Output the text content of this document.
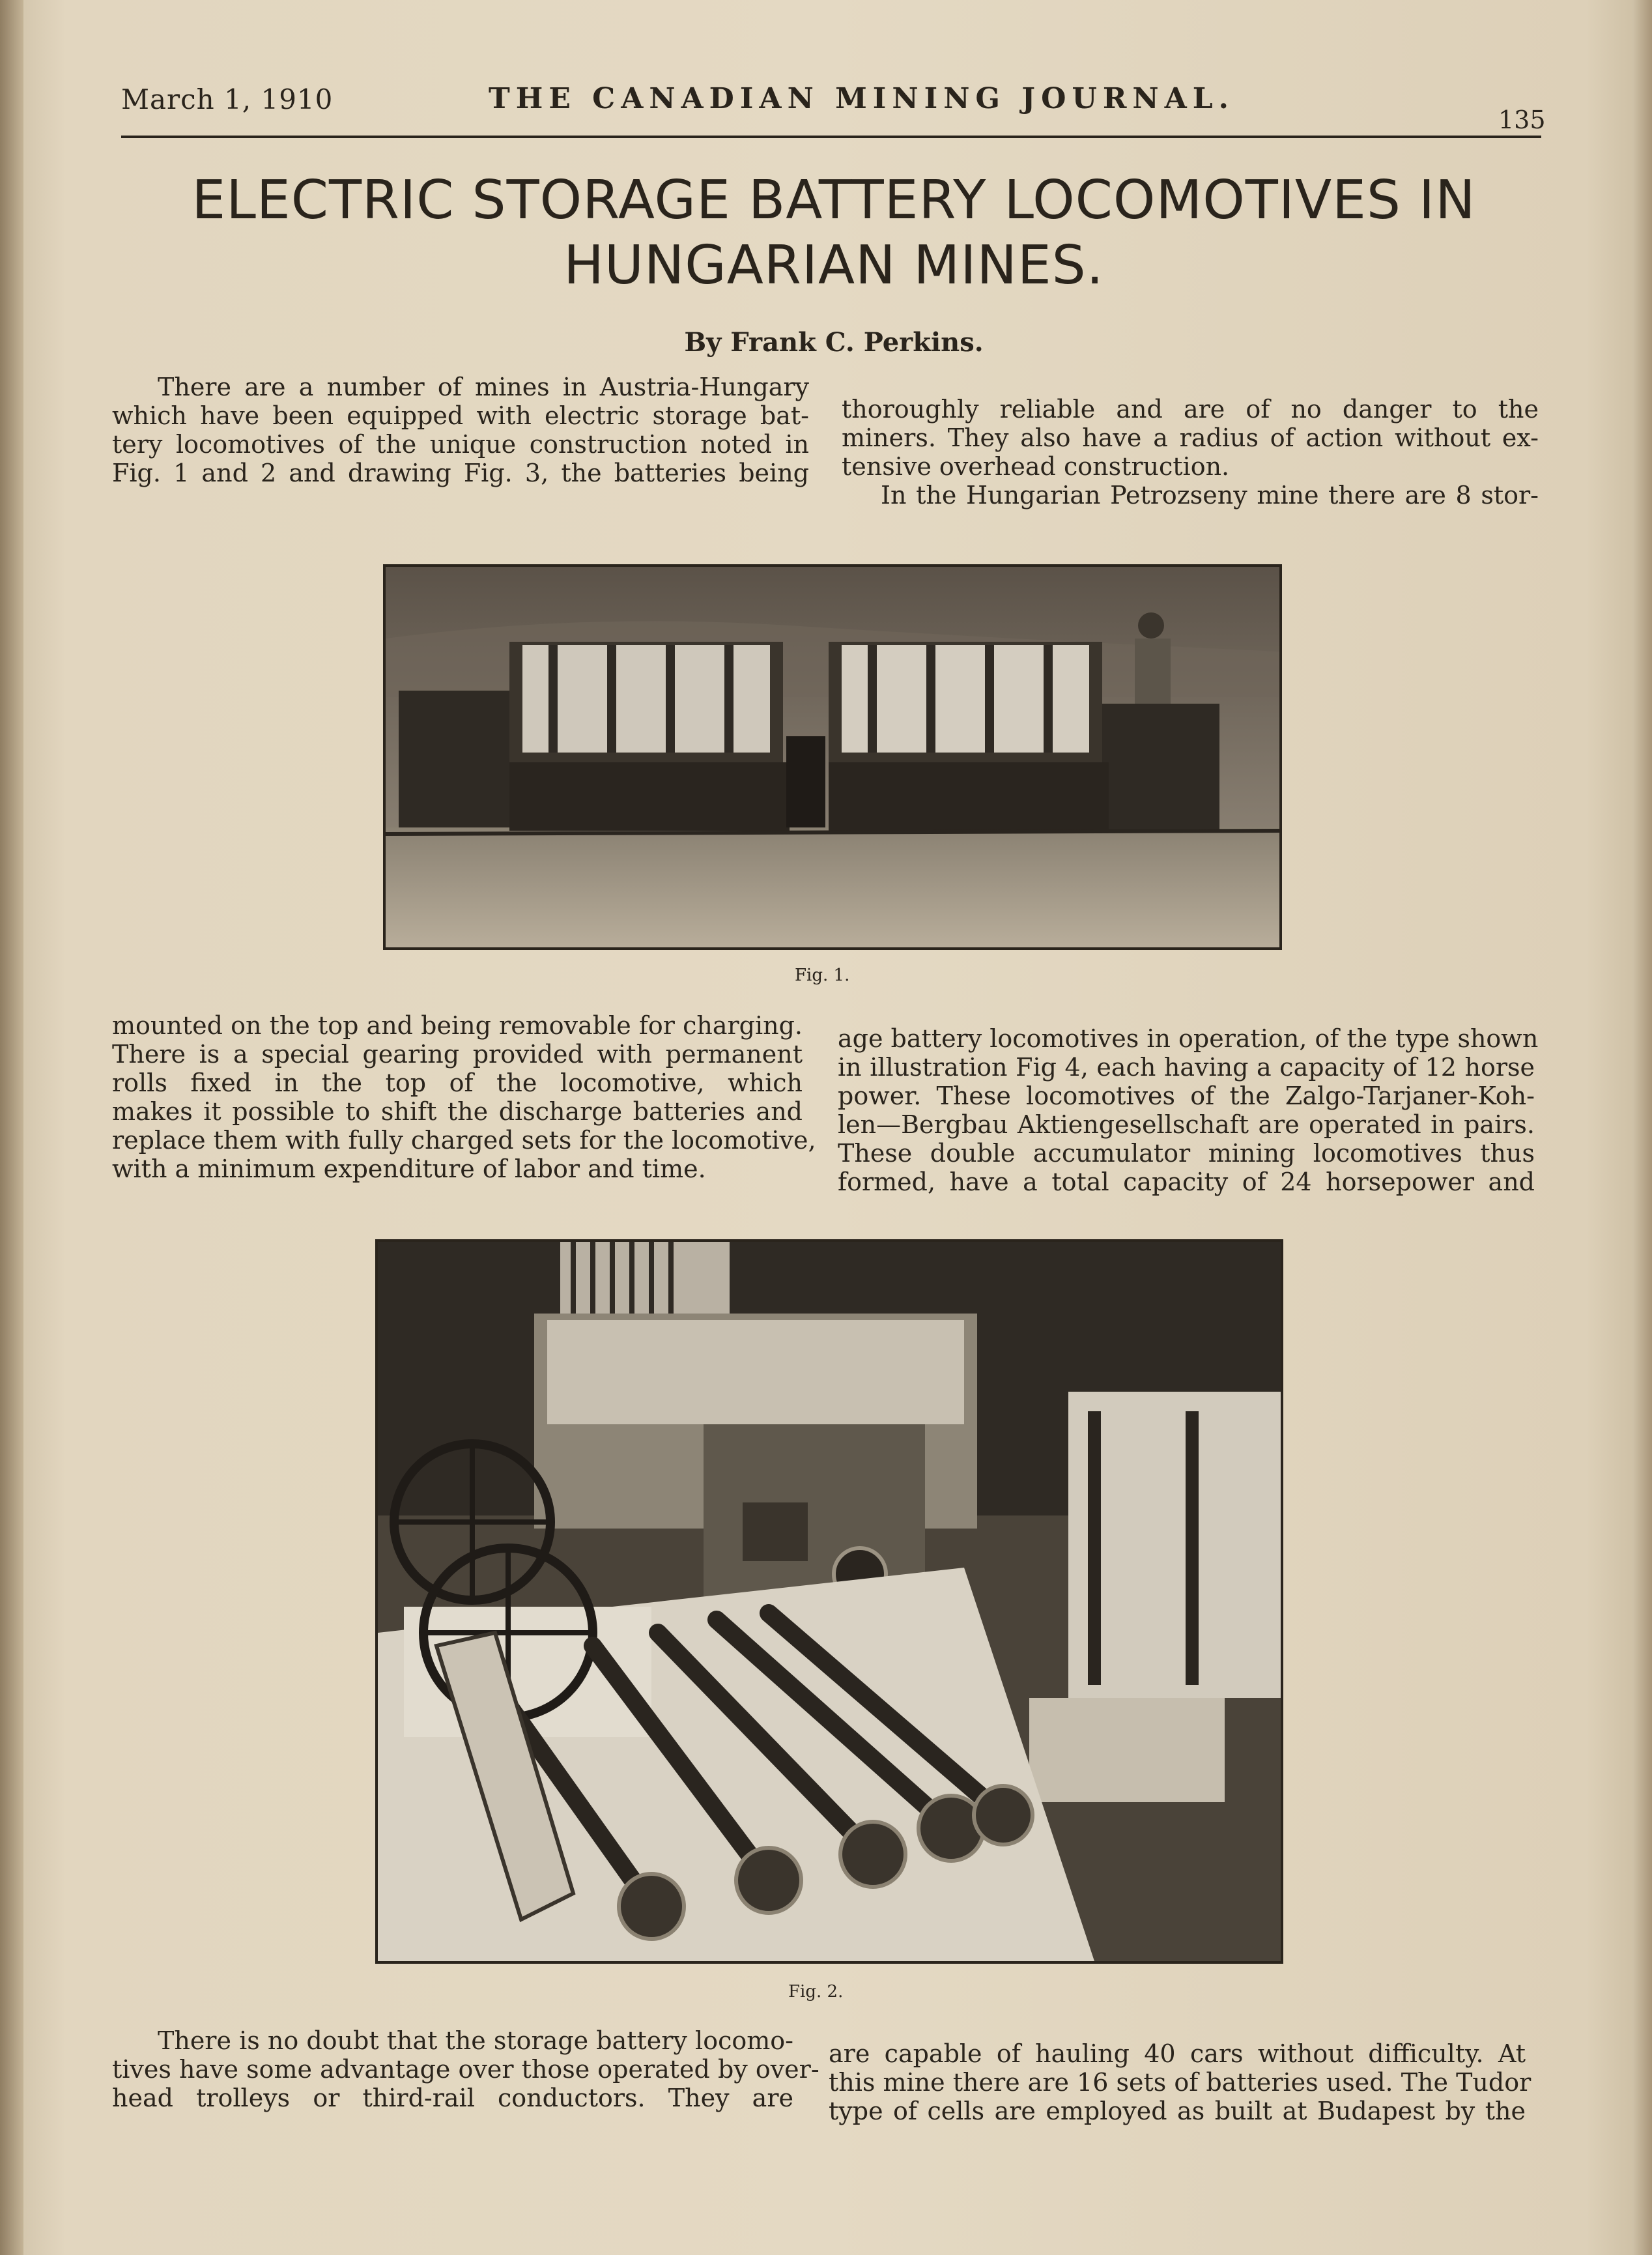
March 1, 1910	THE CANADIAN MINING JOURNAL.
135
ELECTRIC STORAGE BATTERY LOCOMOTIVES IN
HUNGARIAN MINES.
By Frank C. Perkins.
There are a number of mines in Austria-Hungary
which have been equipped with electric storage bat-
tery locomotives of the unique construction noted in
Fig. 1 and 2 and drawing Fig. 3, the batteries being
thoroughly reliable and are of no danger to the
miners. They also have a radius of action without ex-
tensive overhead construction.
In the Hungarian Petrozseny mine there are 8 stor-
Fig. 1.
mounted on the top and being removable for charging.
There is a special gearing provided with permanent
rolls fixed in the top of the locomotive, which
makes it possible to shift the discharge batteries and
replace them with fully charged sets for the locomotive,
with a minimum expenditure of labor and time.
age battery locomotives in operation, of the type shown
in illustration Fig 4, each having a capacity of 12 horse
power. These locomotives of the Zalgo-Tarjaner-Koh-
len—Bergbau Aktiengesellschaft are operated in pairs.
These double accumulator mining locomotives thus
formed, have a total capacity of 24 horsepower and
Fig. 2.
There is no doubt that the storage battery locomo-
tives have some advantage over those operated by over-
head trolleys or third-rail conductors. They are
are capable of hauling 40 cars without difficulty. At
this mine there are 16 sets of batteries used. The Tudor
type of cells are employed as built at Budapest by the
